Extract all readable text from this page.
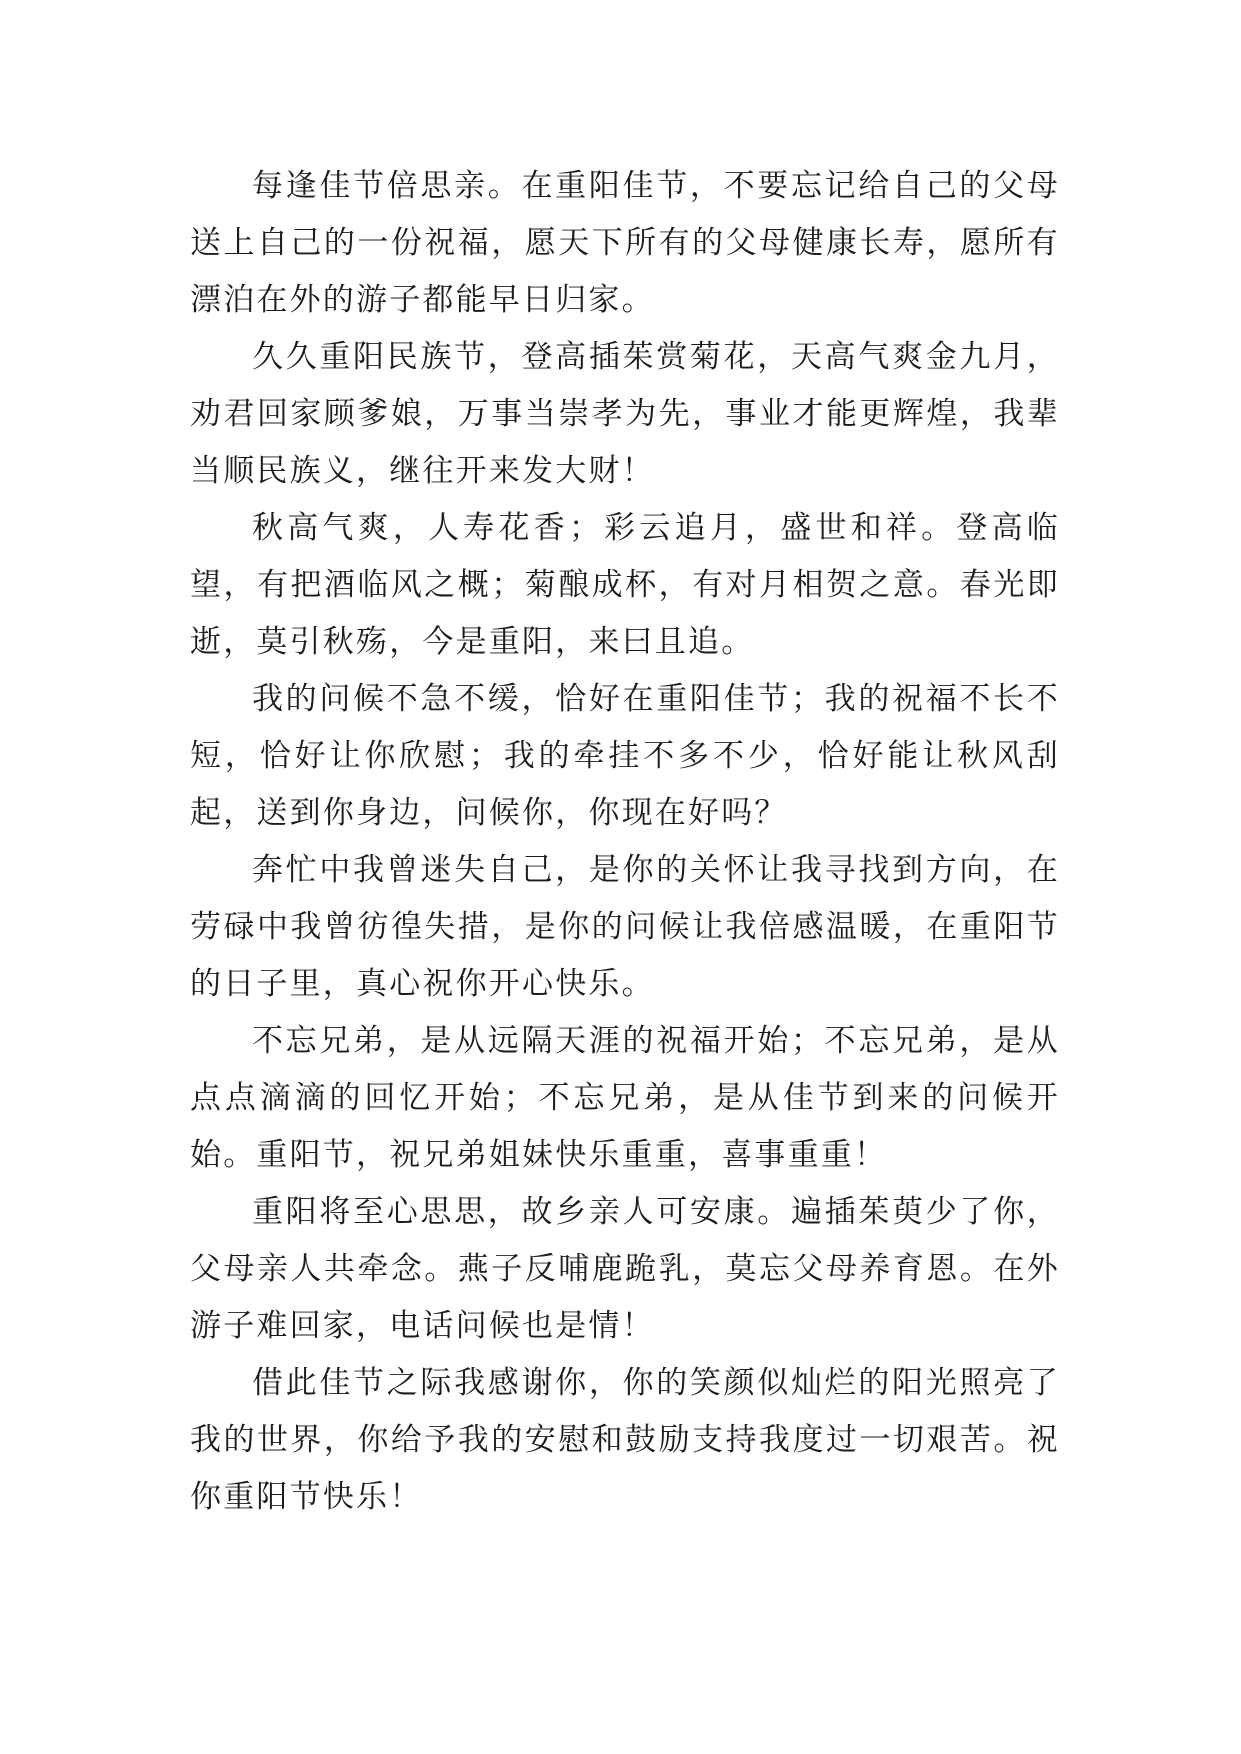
每逢佳节倍思亲。在重阳佳节，不要忘记给自己的父母送上自己的一份祝福，愿天下所有的父母健康长寿，愿所有漂泊在外的游子都能早日归家。

久久重阳民族节，登高插茱赏菊花，天高气爽金九月，劝君回家顾爹娘，万事当崇孝为先，事业才能更辉煌，我辈当顺民族义，继往开来发大财！

秋高气爽，人寿花香；彩云追月，盛世和祥。登高临望，有把酒临风之概；菊酿成杯，有对月相贺之意。春光即逝，莫引秋殇，今是重阳，来曰且追。

我的问候不急不缓，恰好在重阳佳节；我的祝福不长不短，恰好让你欣慰；我的牵挂不多不少，恰好能让秋风刮起，送到你身边，问候你，你现在好吗？

奔忙中我曾迷失自己，是你的关怀让我寻找到方向，在劳碌中我曾彷徨失措，是你的问候让我倍感温暖，在重阳节的日子里，真心祝你开心快乐。

不忘兄弟，是从远隔天涯的祝福开始；不忘兄弟，是从点点滴滴的回忆开始；不忘兄弟，是从佳节到来的问候开始。重阳节，祝兄弟姐妹快乐重重，喜事重重！

重阳将至心思思，故乡亲人可安康。遍插茱萸少了你，父母亲人共牵念。燕子反哺鹿跪乳，莫忘父母养育恩。在外游子难回家，电话问候也是情！

借此佳节之际我感谢你，你的笑颜似灿烂的阳光照亮了我的世界，你给予我的安慰和鼓励支持我度过一切艰苦。祝你重阳节快乐！
